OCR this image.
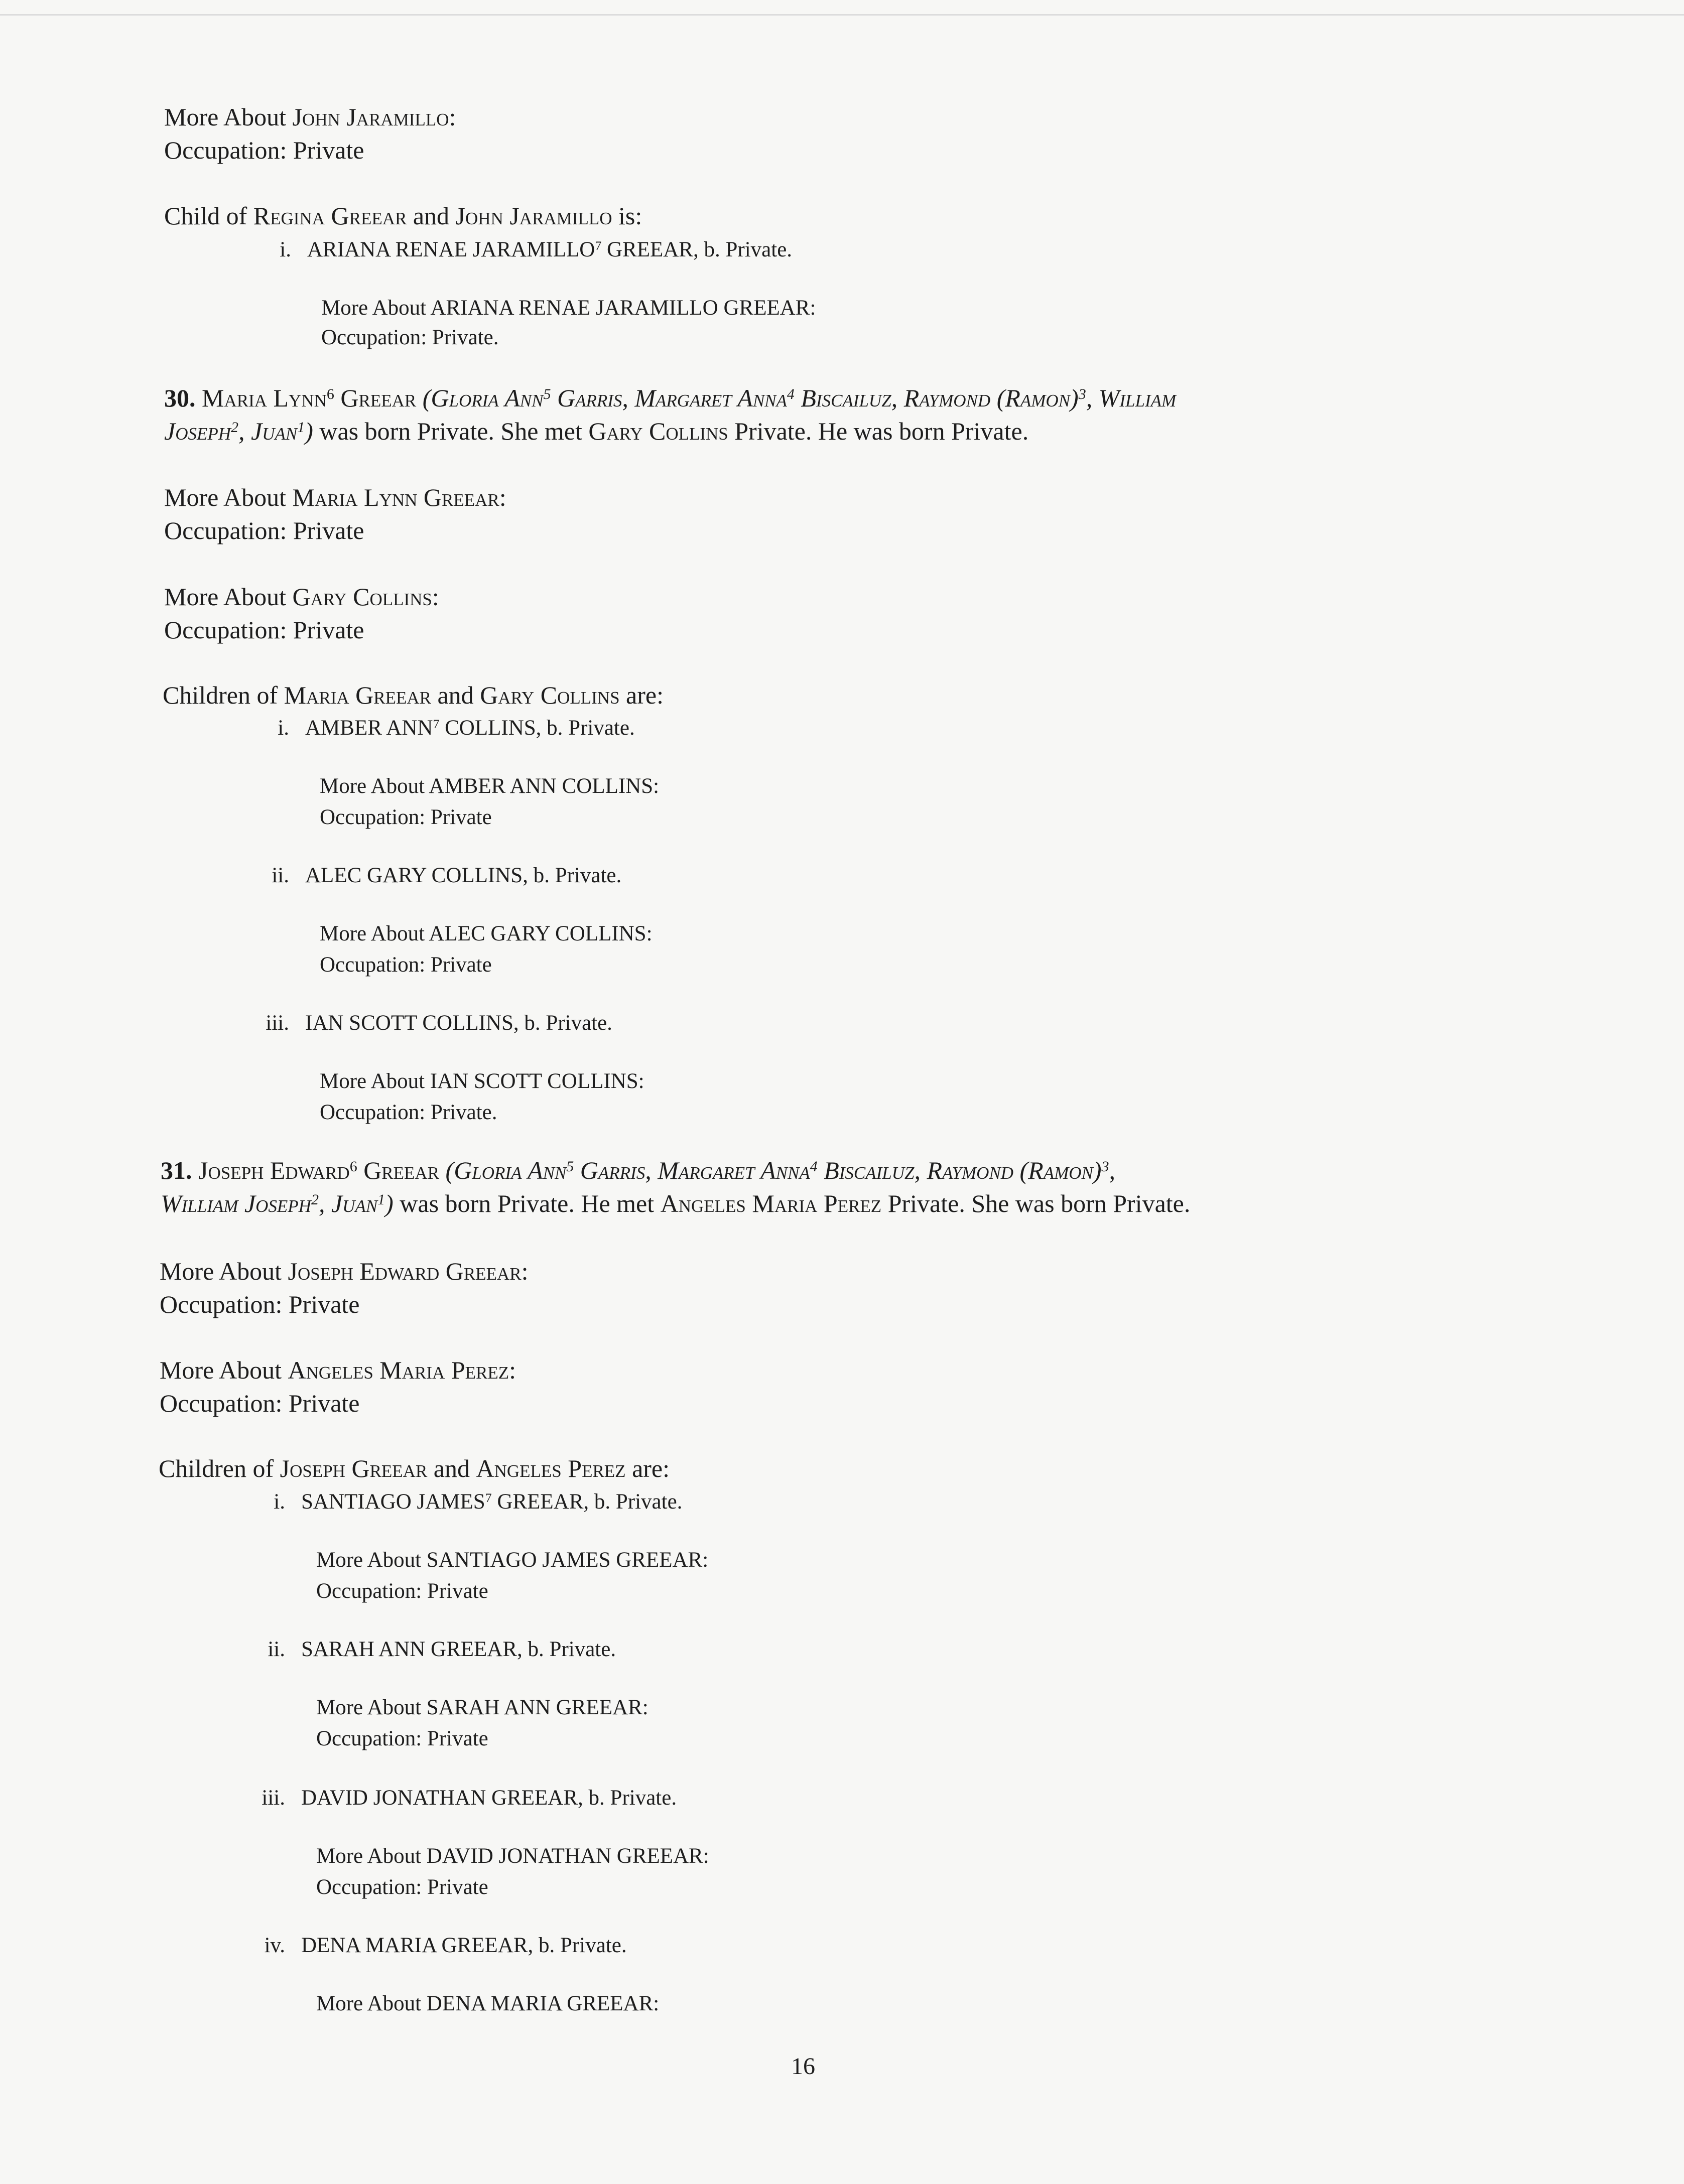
More About John Jaramillo:
Occupation: Private
Child of Regina Greear and John Jaramillo is:
i. ARIANA RENAE JARAMILLO$^7$ GREEAR, b. Private.
More About ARIANA RENAE JARAMILLO GREEAR:
Occupation: Private.
30. Maria Lynn$^6$ Greear (Gloria Ann$^5$ Garris, Margaret Anna$^4$ Biscailuz, Raymond (Ramon)$^3$, William
Joseph$^2$, Juan$^1$) was born Private. She met Gary Collins Private. He was born Private.
More About Maria Lynn Greear:
Occupation: Private
More About Gary Collins:
Occupation: Private
Children of Maria Greear and Gary Collins are:
i. AMBER ANN$^7$ COLLINS, b. Private.
More About AMBER ANN COLLINS:
Occupation: Private
ii. ALEC GARY COLLINS, b. Private.
More About ALEC GARY COLLINS:
Occupation: Private
iii. IAN SCOTT COLLINS, b. Private.
More About IAN SCOTT COLLINS:
Occupation: Private.
31. Joseph Edward$^6$ Greear (Gloria Ann$^5$ Garris, Margaret Anna$^4$ Biscailuz, Raymond (Ramon)$^3$,
William Joseph$^2$, Juan$^1$) was born Private. He met Angeles Maria Perez Private. She was born Private.
More About Joseph Edward Greear:
Occupation: Private
More About Angeles Maria Perez:
Occupation: Private
Children of Joseph Greear and Angeles Perez are:
i. SANTIAGO JAMES$^7$ GREEAR, b. Private.
More About SANTIAGO JAMES GREEAR:
Occupation: Private
ii. SARAH ANN GREEAR, b. Private.
More About SARAH ANN GREEAR:
Occupation: Private
iii. DAVID JONATHAN GREEAR, b. Private.
More About DAVID JONATHAN GREEAR:
Occupation: Private
iv. DENA MARIA GREEAR, b. Private.
More About DENA MARIA GREEAR:
16
